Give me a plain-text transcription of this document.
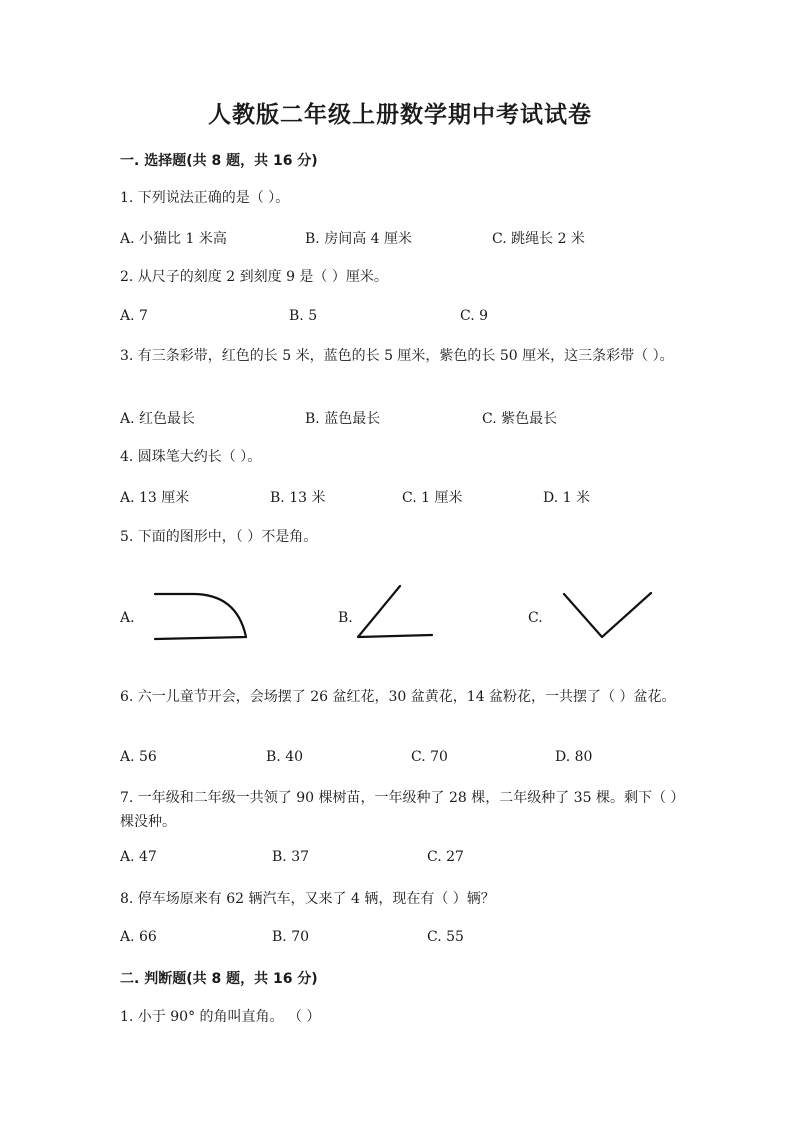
人教版二年级上册数学期中考试试卷
一. 选择题(共 8 题，共 16 分)
1. 下列说法正确的是（ ）。
A. 小猫比 1 米高	B. 房间高 4 厘米	C. 跳绳长 2 米
2. 从尺子的刻度 2 到刻度 9 是（ ）厘米。
A. 7	B. 5	C. 9
3. 有三条彩带，红色的长 5 米，蓝色的长 5 厘米，紫色的长 50 厘米，这三条彩带（ ）。
A. 红色最长	B. 蓝色最长	C. 紫色最长
4. 圆珠笔大约长（ ）。
A. 13 厘米	B. 13 米	C. 1 厘米	D. 1 米
5. 下面的图形中，（ ）不是角。
A.	B.	C.
6. 六一儿童节开会，会场摆了 26 盆红花，30 盆黄花，14 盆粉花，一共摆了（ ）盆花。
A. 56	B. 40	C. 70	D. 80
7. 一年级和二年级一共领了 90 棵树苗，一年级种了 28 棵，二年级种了 35 棵。剩下（ ）棵没种。
A. 47	B. 37	C. 27
8. 停车场原来有 62 辆汽车，又来了 4 辆，现在有（ ）辆？
A. 66	B. 70	C. 55
二. 判断题(共 8 题，共 16 分)
1. 小于 90° 的角叫直角。 （ ）
